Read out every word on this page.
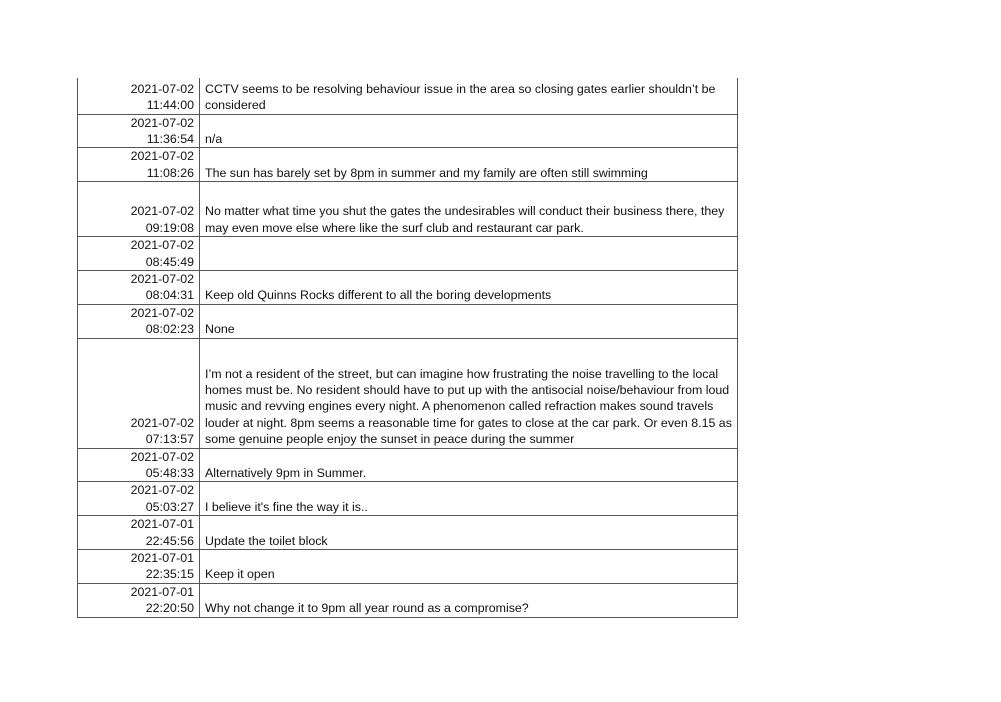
2021-07-02
11:44:00	CCTV seems to be resolving behaviour issue in the area so closing gates earlier shouldn’t be considered

2021-07-02
11:36:54	n/a

2021-07-02
11:08:26	The sun has barely set by 8pm in summer and my family are often still swimming

2021-07-02
09:19:08	No matter what time you shut the gates the undesirables will conduct their business there, they may even move else where like the surf club and restaurant car park.

2021-07-02
08:45:49	

2021-07-02
08:04:31	Keep old Quinns Rocks different to all the boring developments

2021-07-02
08:02:23	None

2021-07-02
07:13:57	I’m not a resident of the street, but can imagine how frustrating the noise travelling to the local homes must be. No resident should have to put up with the antisocial noise/behaviour from loud music and revving engines every night. A phenomenon called refraction makes sound travels louder at night. 8pm seems a reasonable time for gates to close at the car park. Or even 8.15 as some genuine people enjoy the sunset in peace during the summer

2021-07-02
05:48:33	Alternatively 9pm in Summer.

2021-07-02
05:03:27	I believe it's fine the way it is..

2021-07-01
22:45:56	Update the toilet block

2021-07-01
22:35:15	Keep it open

2021-07-01
22:20:50	Why not change it to 9pm all year round as a compromise?
